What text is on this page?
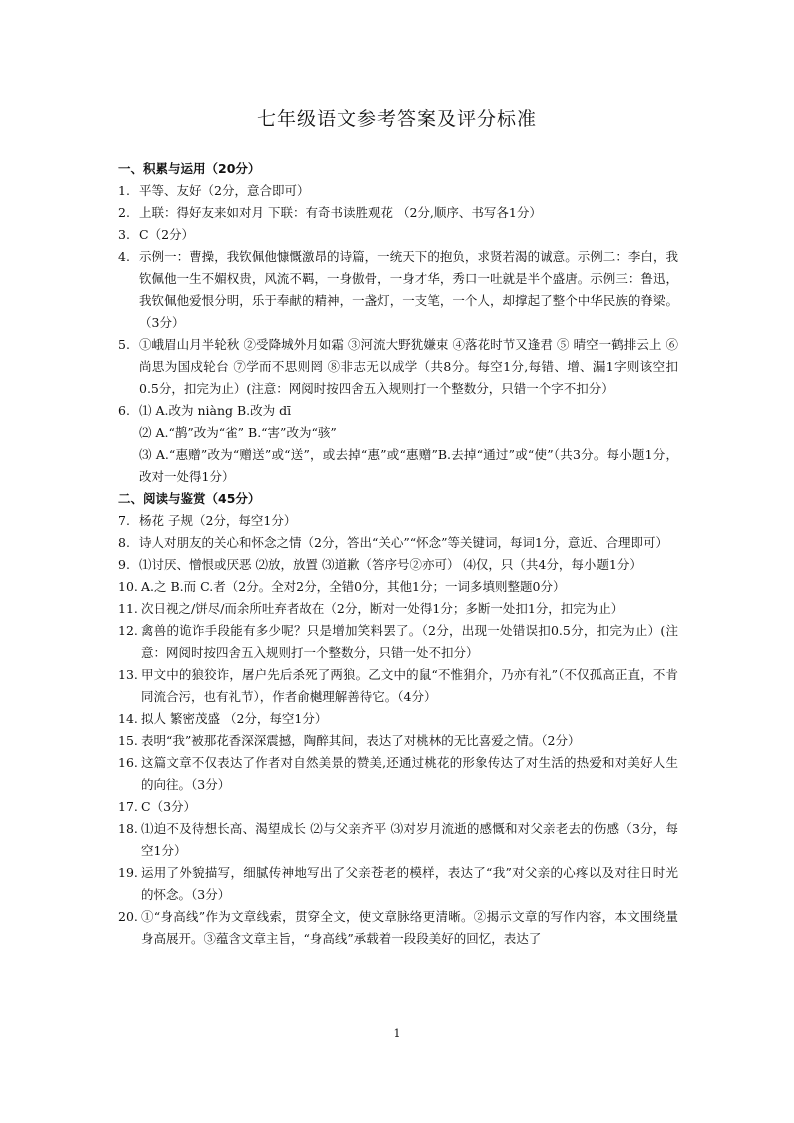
七年级语文参考答案及评分标准
一、积累与运用（20分）
1. 平等、友好（2分，意合即可）
2. 上联：得好友来如对月 下联：有奇书读胜观花 （2分,顺序、书写各1分）
3. C（2分）
4. 示例一：曹操，我钦佩他慷慨激昂的诗篇，一统天下的抱负，求贤若渴的诚意。示例二：李白，我钦佩他一生不媚权贵，风流不羁，一身傲骨，一身才华，秀口一吐就是半个盛唐。示例三：鲁迅，我钦佩他爱恨分明，乐于奉献的精神，一盏灯，一支笔，一个人，却撑起了整个中华民族的脊梁。（3分）
5. ①峨眉山月半轮秋 ②受降城外月如霜 ③河流大野犹嫌束 ④落花时节又逢君 ⑤ 晴空一鹤排云上 ⑥尚思为国戍轮台 ⑦学而不思则罔 ⑧非志无以成学（共8分。每空1分,每错、增、漏1字则该空扣0.5分，扣完为止）(注意：网阅时按四舍五入规则打一个整数分，只错一个字不扣分）
6. ⑴ A.改为 niàng B.改为 dī
⑵ A.“鹊”改为“雀” B.“害”改为“骇”
⑶ A.“惠赠”改为“赠送”或“送”，或去掉“惠”或“惠赠”B.去掉“通过”或“使”（共3分。每小题1分，改对一处得1分）
二、阅读与鉴赏（45分）
7. 杨花 子规（2分，每空1分）
8. 诗人对朋友的关心和怀念之情（2分，答出“关心”“怀念”等关键词，每词1分，意近、合理即可）
9. ⑴讨厌、憎恨或厌恶 ⑵放，放置 ⑶道歉（答序号②亦可） ⑷仅，只（共4分，每小题1分）
10. A.之 B.而 C.者（2分。全对2分，全错0分，其他1分；一词多填则整题0分）
11. 次日视之/饼尽/而余所吐弃者故在（2分，断对一处得1分；多断一处扣1分，扣完为止）
12. 禽兽的诡诈手段能有多少呢？只是增加笑料罢了。（2分，出现一处错误扣0.5分，扣完为止）(注意：网阅时按四舍五入规则打一个整数分，只错一处不扣分）
13. 甲文中的狼狡诈，屠户先后杀死了两狼。乙文中的鼠“不惟狷介，乃亦有礼”（不仅孤高正直，不肯同流合污，也有礼节），作者俞樾理解善待它。（4分）
14. 拟人 繁密茂盛 （2分，每空1分）
15. 表明“我”被那花香深深震撼，陶醉其间，表达了对桃林的无比喜爱之情。（2分）
16. 这篇文章不仅表达了作者对自然美景的赞美,还通过桃花的形象传达了对生活的热爱和对美好人生的向往。（3分）
17. C（3分）
18. ⑴迫不及待想长高、渴望成长 ⑵与父亲齐平 ⑶对岁月流逝的感慨和对父亲老去的伤感（3分，每空1分）
19. 运用了外貌描写，细腻传神地写出了父亲苍老的模样，表达了“我”对父亲的心疼以及对往日时光的怀念。（3分）
20. ①“身高线”作为文章线索，贯穿全文，使文章脉络更清晰。②揭示文章的写作内容，本文围绕量身高展开。③蕴含文章主旨，“身高线”承载着一段段美好的回忆，表达了
1
